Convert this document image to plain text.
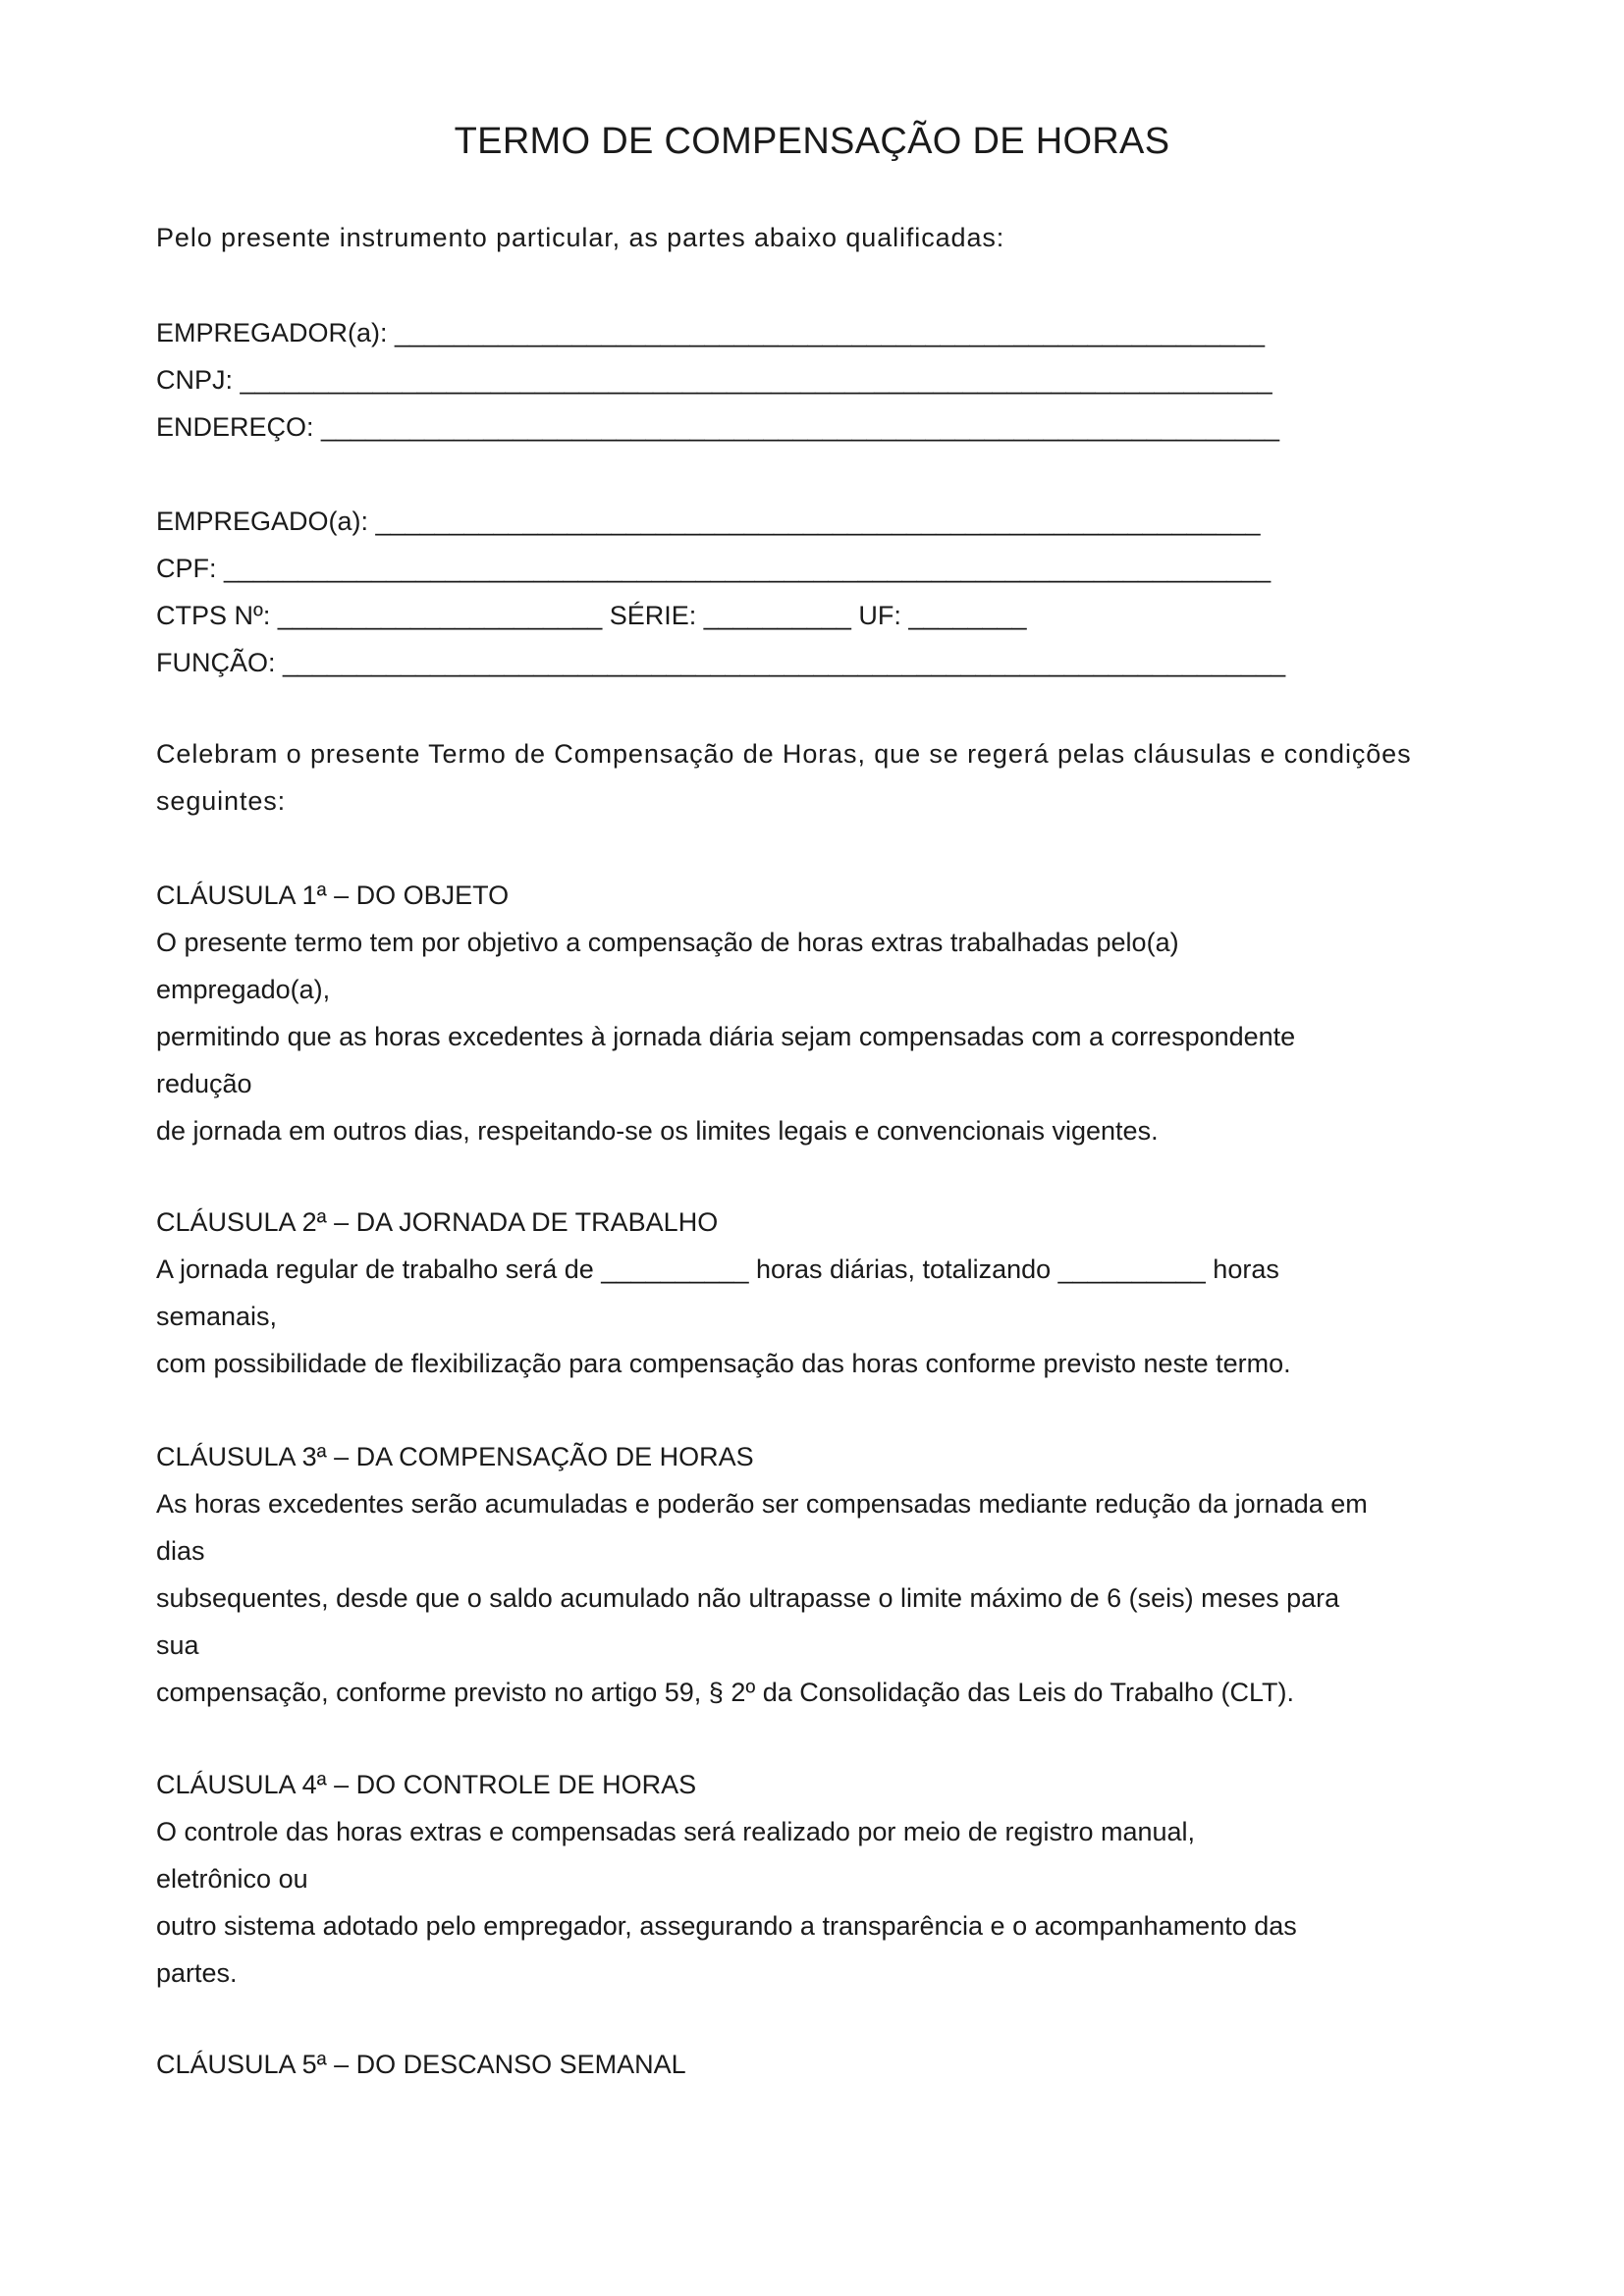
TERMO DE COMPENSAÇÃO DE HORAS

Pelo presente instrumento particular, as partes abaixo qualificadas:

EMPREGADOR(a): ___________________________________________________________

CNPJ: ______________________________________________________________________

ENDEREÇO: _________________________________________________________________

EMPREGADO(a): ____________________________________________________________

CPF: _______________________________________________________________________

CTPS Nº: ______________________ SÉRIE: __________ UF: ________

FUNÇÃO: ____________________________________________________________________

Celebram o presente Termo de Compensação de Horas, que se regerá pelas cláusulas e condições

seguintes:

CLÁUSULA 1ª – DO OBJETO

O presente termo tem por objetivo a compensação de horas extras trabalhadas pelo(a)

empregado(a),

permitindo que as horas excedentes à jornada diária sejam compensadas com a correspondente

redução

de jornada em outros dias, respeitando-se os limites legais e convencionais vigentes.

CLÁUSULA 2ª – DA JORNADA DE TRABALHO

A jornada regular de trabalho será de __________ horas diárias, totalizando __________ horas

semanais,

com possibilidade de flexibilização para compensação das horas conforme previsto neste termo.

CLÁUSULA 3ª – DA COMPENSAÇÃO DE HORAS

As horas excedentes serão acumuladas e poderão ser compensadas mediante redução da jornada em

dias

subsequentes, desde que o saldo acumulado não ultrapasse o limite máximo de 6 (seis) meses para

sua

compensação, conforme previsto no artigo 59, § 2º da Consolidação das Leis do Trabalho (CLT).

CLÁUSULA 4ª – DO CONTROLE DE HORAS

O controle das horas extras e compensadas será realizado por meio de registro manual,

eletrônico ou

outro sistema adotado pelo empregador, assegurando a transparência e o acompanhamento das

partes.

CLÁUSULA 5ª – DO DESCANSO SEMANAL
